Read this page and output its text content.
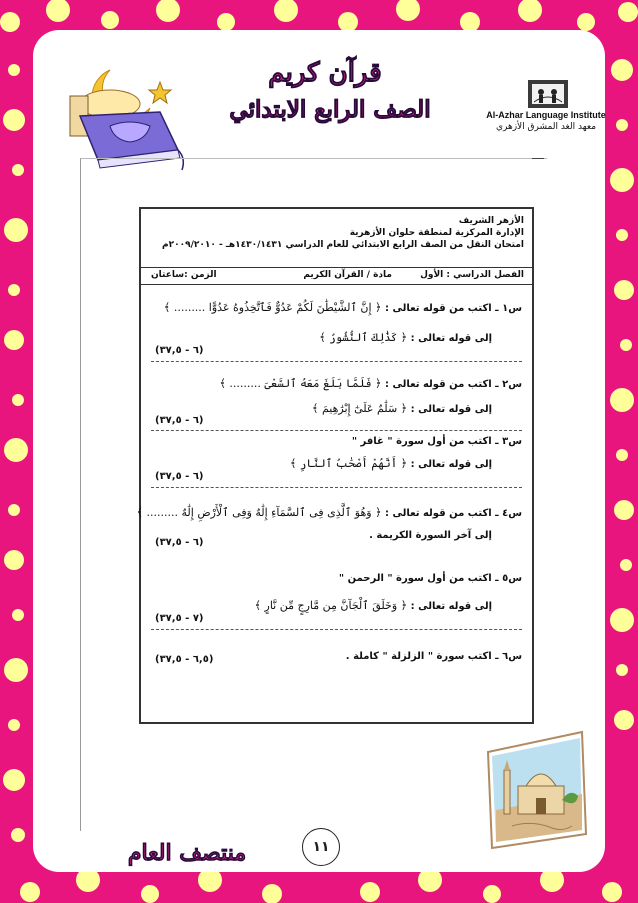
قرآن كريم
الصف الرابع الابتدائي	Al-Azhar Language Institute
معهد الغد المشرق الأزهري
الأزهر الشريف
الإدارة المركزية لمنطقة حلوان الأزهرية
امتحان النقل من الصف الرابع الابتدائي للعام الدراسي ١٤٣٠/١٤٣١هـ - ٢٠٠٩/٢٠١٠م
الفصل الدراسي : الأول
مادة / القرآن الكريم
الزمن :ساعتان
س١ ـ اكتب من قوله تعالى : ﴿ إِنَّ ٱلشَّيْطَٰنَ لَكُمْ عَدُوٌّ فَٱتَّخِذُوهُ عَدُوًّا ......... ﴾
إلى قوله تعالى : ﴿ كَذَٰلِكَ ٱلنُّشُورُ ﴾
(٦ - ٣٧,٥)
س٢ ـ اكتب من قوله تعالى : ﴿ فَلَمَّا بَلَغَ مَعَهُ ٱلسَّعْىَ ......... ﴾
إلى قوله تعالى : ﴿ سَلَٰمٌ عَلَىٰٓ إِبْرَٰهِيمَ ﴾
(٦ - ٣٧,٥)
س٣ ـ اكتب من أول سورة " غافر "
إلى قوله تعالى : ﴿ أَنَّهُمْ أَصْحَٰبُ ٱلنَّارِ ﴾
(٦ - ٣٧,٥)
س٤ ـ اكتب من قوله تعالى : ﴿ وَهُوَ ٱلَّذِى فِى ٱلسَّمَآءِ إِلَٰهٌ وَفِى ٱلْأَرْضِ إِلَٰهٌ ......... ﴾
إلى آخر السورة الكريمة .
(٦ - ٣٧,٥)
س٥ ـ اكتب من أول سورة " الرحمن "
إلى قوله تعالى : ﴿ وَخَلَقَ ٱلْجَآنَّ مِن مَّارِجٍ مِّن نَّارٍ ﴾
(٧ - ٣٧,٥)
س٦ ـ اكتب سورة " الزلزلة " كاملة .
(٦,٥ - ٣٧,٥)
١١
منتصف العام
